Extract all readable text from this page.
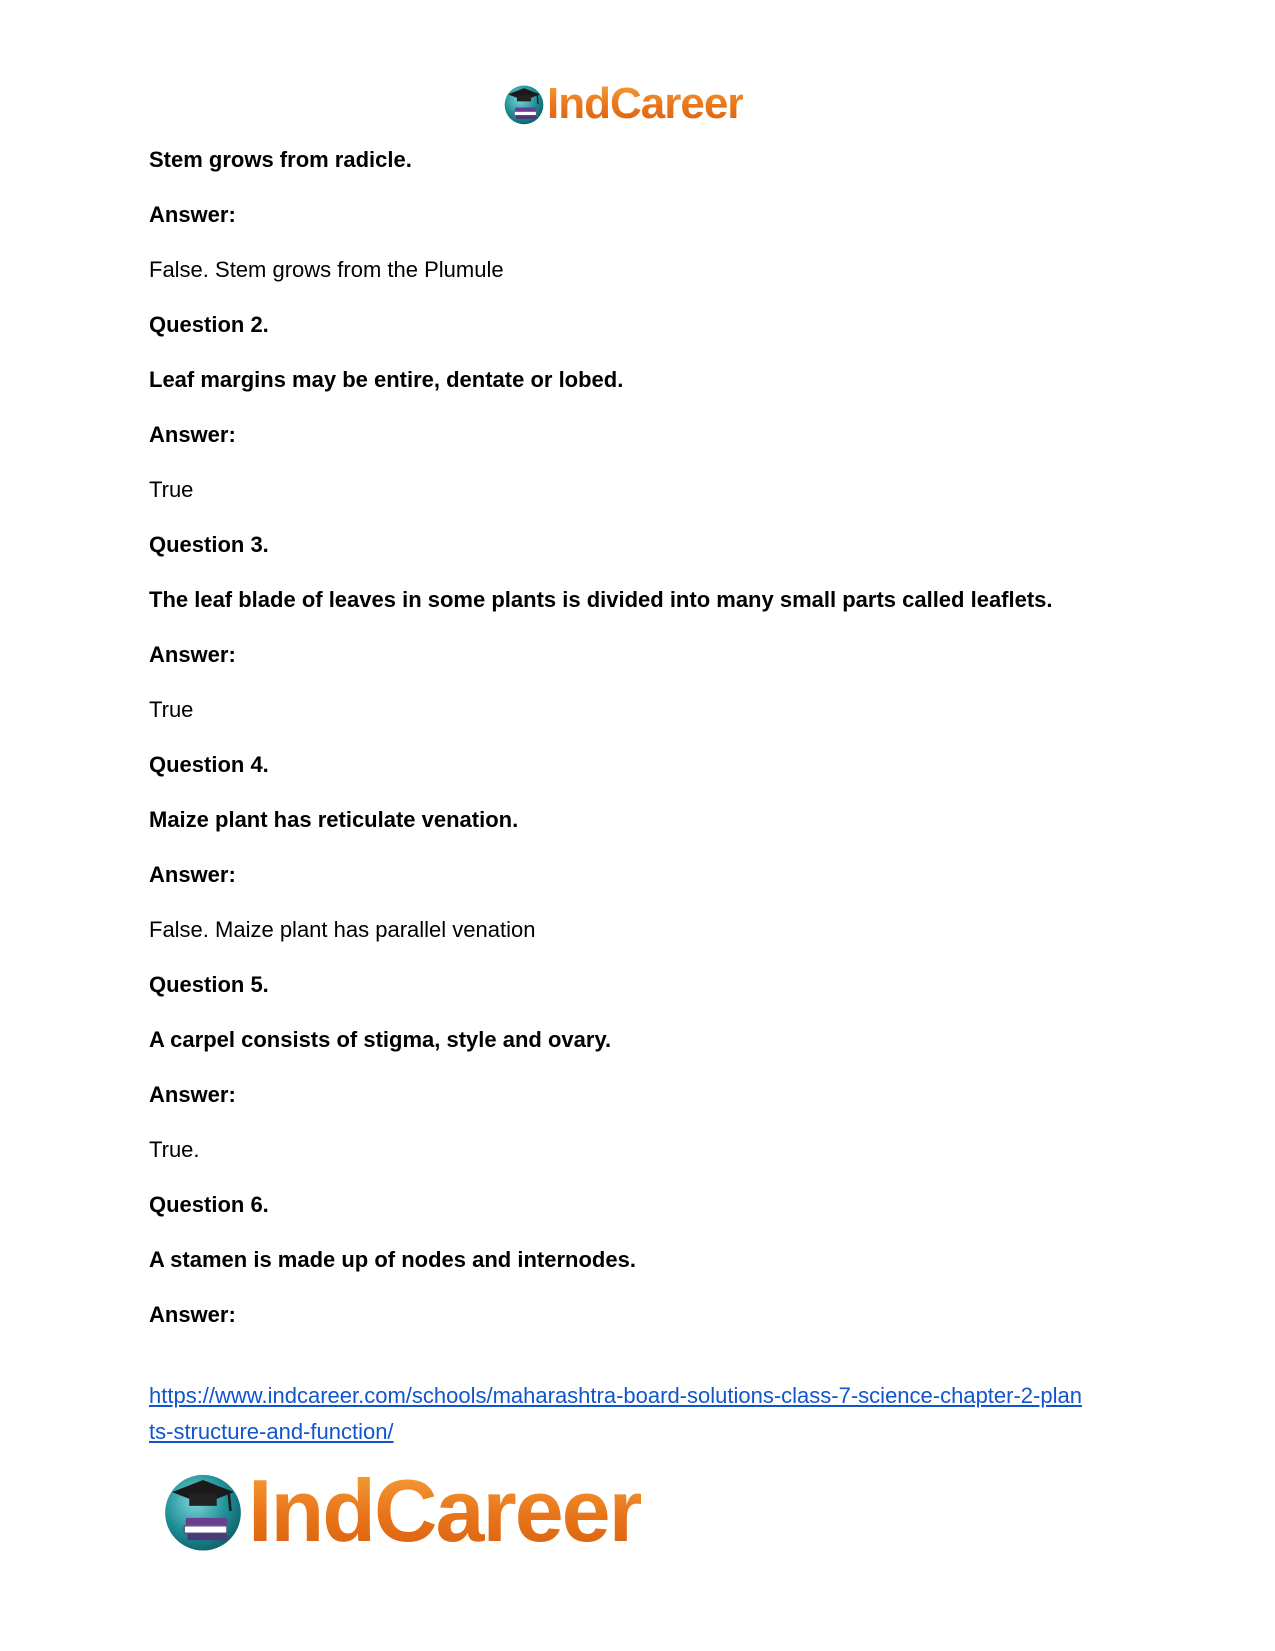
IndCareer
Stem grows from radicle.
Answer:
False. Stem grows from the Plumule
Question 2.
Leaf margins may be entire, dentate or lobed.
Answer:
True
Question 3.
The leaf blade of leaves in some plants is divided into many small parts called leaflets.
Answer:
True
Question 4.
Maize plant has reticulate venation.
Answer:
False. Maize plant has parallel venation
Question 5.
A carpel consists of stigma, style and ovary.
Answer:
True.
Question 6.
A stamen is made up of nodes and internodes.
Answer:
https://www.indcareer.com/schools/maharashtra-board-solutions-class-7-science-chapter-2-plan
ts-structure-and-function/
IndCareer
